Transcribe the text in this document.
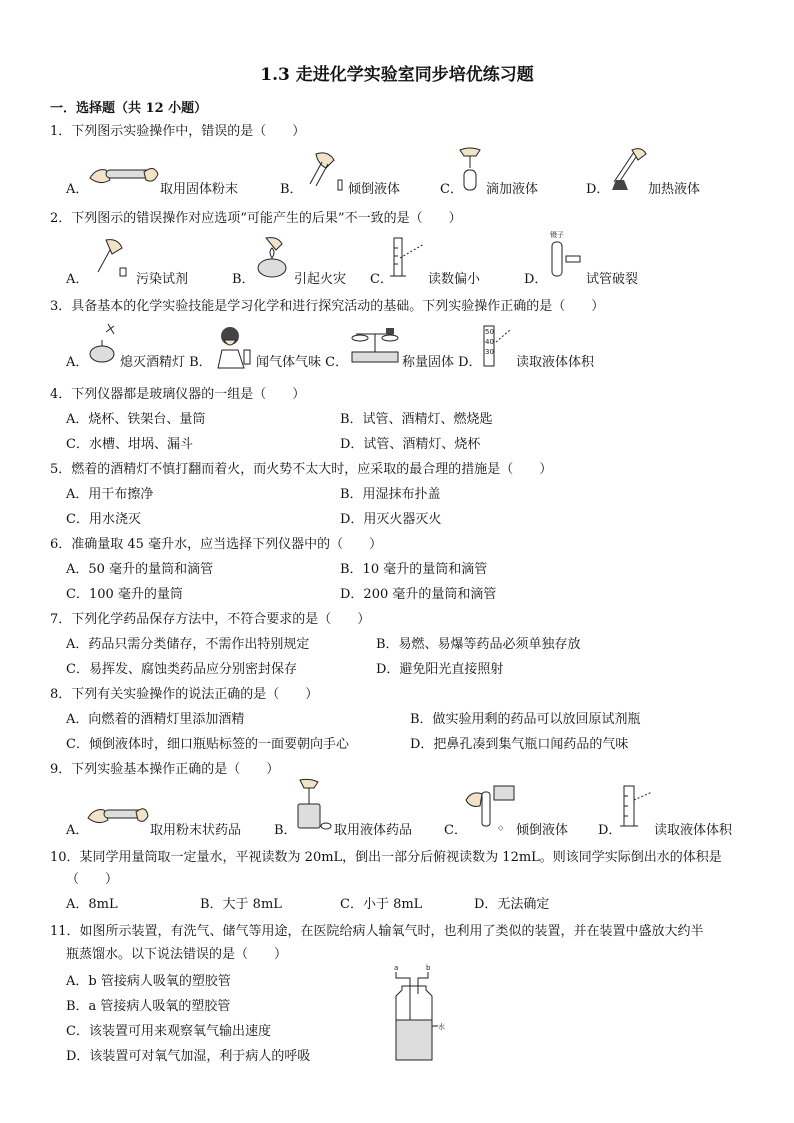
1.3 走进化学实验室同步培优练习题
一．选择题（共 12 小题）
1．下列图示实验操作中，错误的是（　　）
A．	取用固体粉末	B．	倾倒液体	C． 滴加液体	D．	加热液体
2．下列图示的错误操作对应选项“可能产生的后果”不一致的是（　　）
A．	污染试剂	B．	引起火灾 C．	读数偏小	D．
镊子
试管破裂
3．具备基本的化学实验技能是学习化学和进行探究活动的基础。下列实验操作正确的是（　　）
A． 熄灭酒精灯 B．	闻气体气味 C．	称量固体 D．
50
40
30
读取液体体积
4．下列仪器都是玻璃仪器的一组是（　　）
A．烧杯、铁架台、量筒	B．试管、酒精灯、燃烧匙
C．水槽、坩埚、漏斗	D．试管、酒精灯、烧杯
5．燃着的酒精灯不慎打翻而着火，而火势不太大时，应采取的最合理的措施是（　　）
A．用干布擦净	B．用湿抹布扑盖
C．用水浇灭	D．用灭火器灭火
6．准确量取 45 毫升水，应当选择下列仪器中的（　　）
A．50 毫升的量筒和滴管	B．10 毫升的量筒和滴管
C．100 毫升的量筒	D．200 毫升的量筒和滴管
7．下列化学药品保存方法中，不符合要求的是（　　）
A．药品只需分类储存，不需作出特别规定	B．易燃、易爆等药品必须单独存放
C．易挥发、腐蚀类药品应分别密封保存	D．避免阳光直接照射
8．下列有关实验操作的说法正确的是（　　）
A．向燃着的酒精灯里添加酒精	B．做实验用剩的药品可以放回原试剂瓶
C．倾倒液体时，细口瓶贴标签的一面要朝向手心	D．把鼻孔凑到集气瓶口闻药品的气味
9．下列实验基本操作正确的是（　　）
A．	取用粉末状药品	B．	取用液体药品 C．	◇ 倾倒液体 D．	读取液体体积
10．某同学用量筒取一定量水，平视读数为 20mL，倒出一部分后俯视读数为 12mL。则该同学实际倒出水的体积是
（　　）
A．8mL	B．大于 8mL	C．小于 8mL	D．无法确定
11．如图所示装置，有洗气、储气等用途，在医院给病人输氧气时，也利用了类似的装置，并在装置中盛放大约半
瓶蒸馏水。以下说法错误的是（　　）
A．b 管接病人吸氧的塑胶管
B．a 管接病人吸氧的塑胶管
C．该装置可用来观察氧气输出速度
D．该装置可对氧气加湿，利于病人的呼吸
a	b
水
